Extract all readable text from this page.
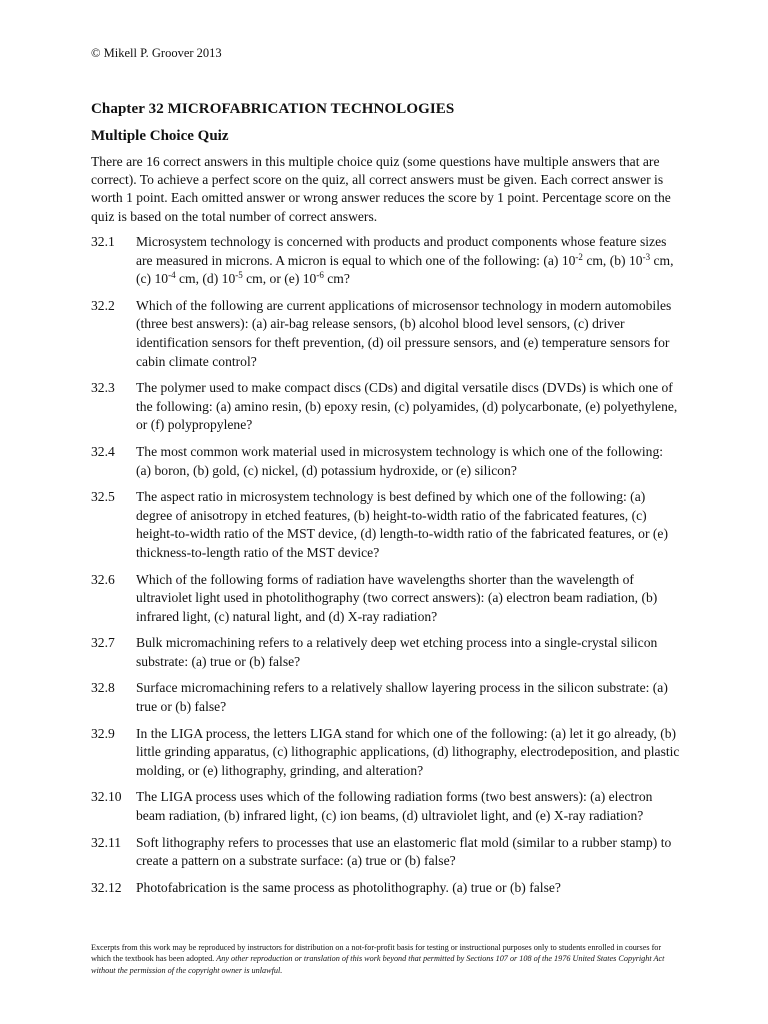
© Mikell P. Groover 2013
Chapter 32 MICROFABRICATION TECHNOLOGIES
Multiple Choice Quiz
There are 16 correct answers in this multiple choice quiz (some questions have multiple answers that are correct). To achieve a perfect score on the quiz, all correct answers must be given. Each correct answer is worth 1 point. Each omitted answer or wrong answer reduces the score by 1 point. Percentage score on the quiz is based on the total number of correct answers.
32.1	Microsystem technology is concerned with products and product components whose feature sizes are measured in microns. A micron is equal to which one of the following: (a) $10^{-2}$ cm, (b) $10^{-3}$ cm, (c) $10^{-4}$ cm, (d) $10^{-5}$ cm, or (e) $10^{-6}$ cm?
32.2	Which of the following are current applications of microsensor technology in modern automobiles (three best answers): (a) air-bag release sensors, (b) alcohol blood level sensors, (c) driver identification sensors for theft prevention, (d) oil pressure sensors, and (e) temperature sensors for cabin climate control?
32.3	The polymer used to make compact discs (CDs) and digital versatile discs (DVDs) is which one of the following: (a) amino resin, (b) epoxy resin, (c) polyamides, (d) polycarbonate, (e) polyethylene, or (f) polypropylene?
32.4	The most common work material used in microsystem technology is which one of the following: (a) boron, (b) gold, (c) nickel, (d) potassium hydroxide, or (e) silicon?
32.5	The aspect ratio in microsystem technology is best defined by which one of the following: (a) degree of anisotropy in etched features, (b) height-to-width ratio of the fabricated features, (c) height-to-width ratio of the MST device, (d) length-to-width ratio of the fabricated features, or (e) thickness-to-length ratio of the MST device?
32.6	Which of the following forms of radiation have wavelengths shorter than the wavelength of ultraviolet light used in photolithography (two correct answers): (a) electron beam radiation, (b) infrared light, (c) natural light, and (d) X-ray radiation?
32.7	Bulk micromachining refers to a relatively deep wet etching process into a single-crystal silicon substrate: (a) true or (b) false?
32.8	Surface micromachining refers to a relatively shallow layering process in the silicon substrate: (a) true or (b) false?
32.9	In the LIGA process, the letters LIGA stand for which one of the following: (a) let it go already, (b) little grinding apparatus, (c) lithographic applications, (d) lithography, electrodeposition, and plastic molding, or (e) lithography, grinding, and alteration?
32.10	The LIGA process uses which of the following radiation forms (two best answers): (a) electron beam radiation, (b) infrared light, (c) ion beams, (d) ultraviolet light, and (e) X-ray radiation?
32.11	Soft lithography refers to processes that use an elastomeric flat mold (similar to a rubber stamp) to create a pattern on a substrate surface: (a) true or (b) false?
32.12	Photofabrication is the same process as photolithography. (a) true or (b) false?
Excerpts from this work may be reproduced by instructors for distribution on a not-for-profit basis for testing or instructional purposes only to students enrolled in courses for which the textbook has been adopted. Any other reproduction or translation of this work beyond that permitted by Sections 107 or 108 of the 1976 United States Copyright Act without the permission of the copyright owner is unlawful.
